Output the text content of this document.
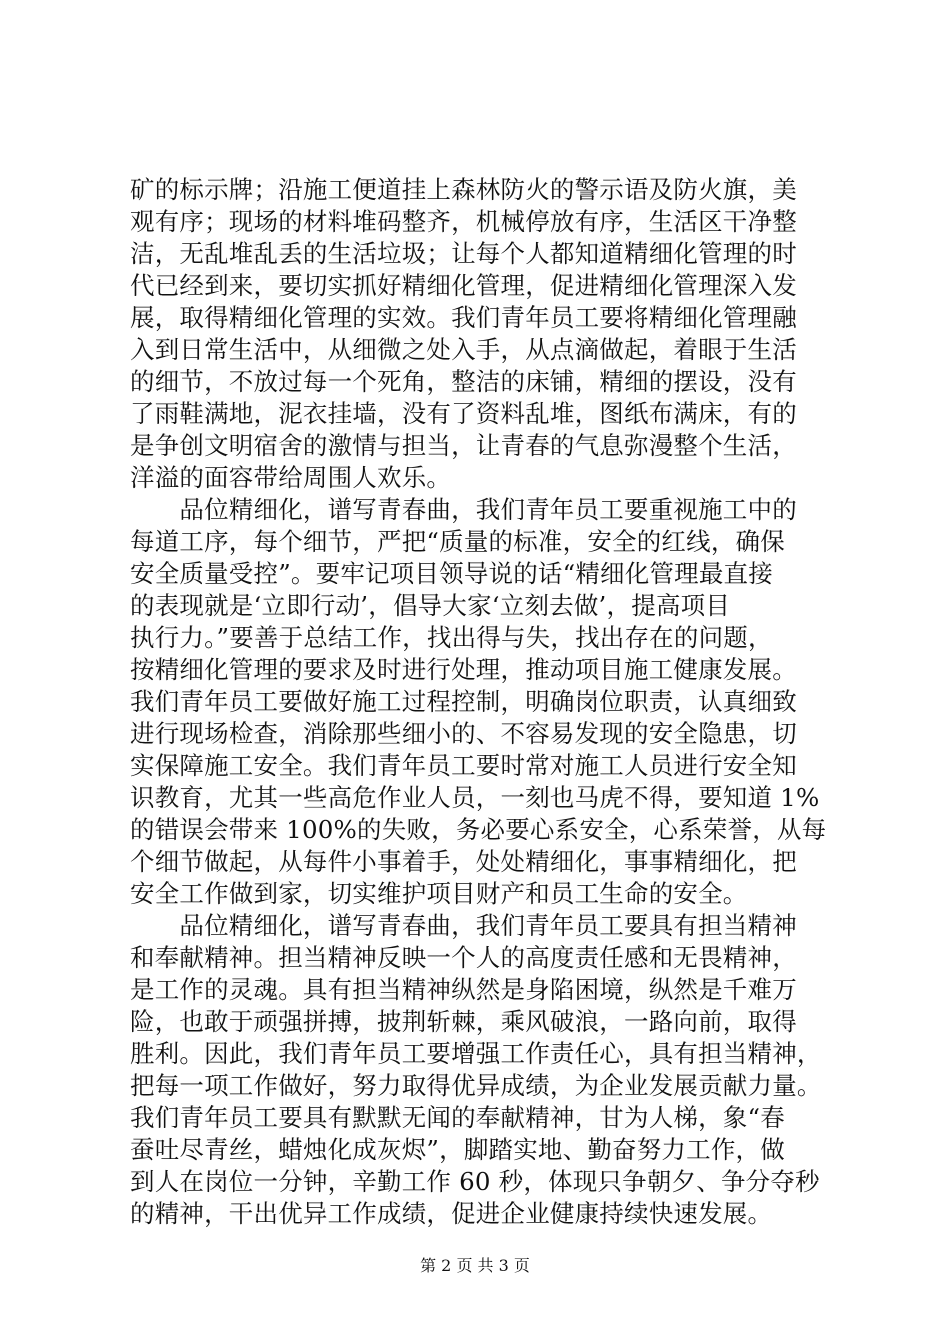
矿的标示牌；沿施工便道挂上森林防火的警示语及防火旗，美
观有序；现场的材料堆码整齐，机械停放有序，生活区干净整
洁，无乱堆乱丢的生活垃圾；让每个人都知道精细化管理的时
代已经到来，要切实抓好精细化管理，促进精细化管理深入发
展，取得精细化管理的实效。我们青年员工要将精细化管理融
入到日常生活中，从细微之处入手，从点滴做起，着眼于生活
的细节，不放过每一个死角，整洁的床铺，精细的摆设，没有
了雨鞋满地，泥衣挂墙，没有了资料乱堆，图纸布满床，有的
是争创文明宿舍的激情与担当，让青春的气息弥漫整个生活，
洋溢的面容带给周围人欢乐。
　　品位精细化，谱写青春曲，我们青年员工要重视施工中的
每道工序，每个细节，严把“质量的标准，安全的红线，确保
安全质量受控”。要牢记项目领导说的话“精细化管理最直接
的表现就是‘立即行动’，倡导大家‘立刻去做’，提高项目
执行力。”要善于总结工作，找出得与失，找出存在的问题，
按精细化管理的要求及时进行处理，推动项目施工健康发展。
我们青年员工要做好施工过程控制，明确岗位职责，认真细致
进行现场检查，消除那些细小的、不容易发现的安全隐患，切
实保障施工安全。我们青年员工要时常对施工人员进行安全知
识教育，尤其一些高危作业人员，一刻也马虎不得，要知道 1%
的错误会带来 100%的失败，务必要心系安全，心系荣誉，从每
个细节做起，从每件小事着手，处处精细化，事事精细化，把
安全工作做到家，切实维护项目财产和员工生命的安全。
　　品位精细化，谱写青春曲，我们青年员工要具有担当精神
和奉献精神。担当精神反映一个人的高度责任感和无畏精神，
是工作的灵魂。具有担当精神纵然是身陷困境，纵然是千难万
险，也敢于顽强拼搏，披荆斩棘，乘风破浪，一路向前，取得
胜利。因此，我们青年员工要增强工作责任心，具有担当精神，
把每一项工作做好，努力取得优异成绩，为企业发展贡献力量。
我们青年员工要具有默默无闻的奉献精神，甘为人梯，象“春
蚕吐尽青丝，蜡烛化成灰烬”，脚踏实地、勤奋努力工作，做
到人在岗位一分钟，辛勤工作 60 秒，体现只争朝夕、争分夺秒
的精神，干出优异工作成绩，促进企业健康持续快速发展。
第 2 页 共 3 页
